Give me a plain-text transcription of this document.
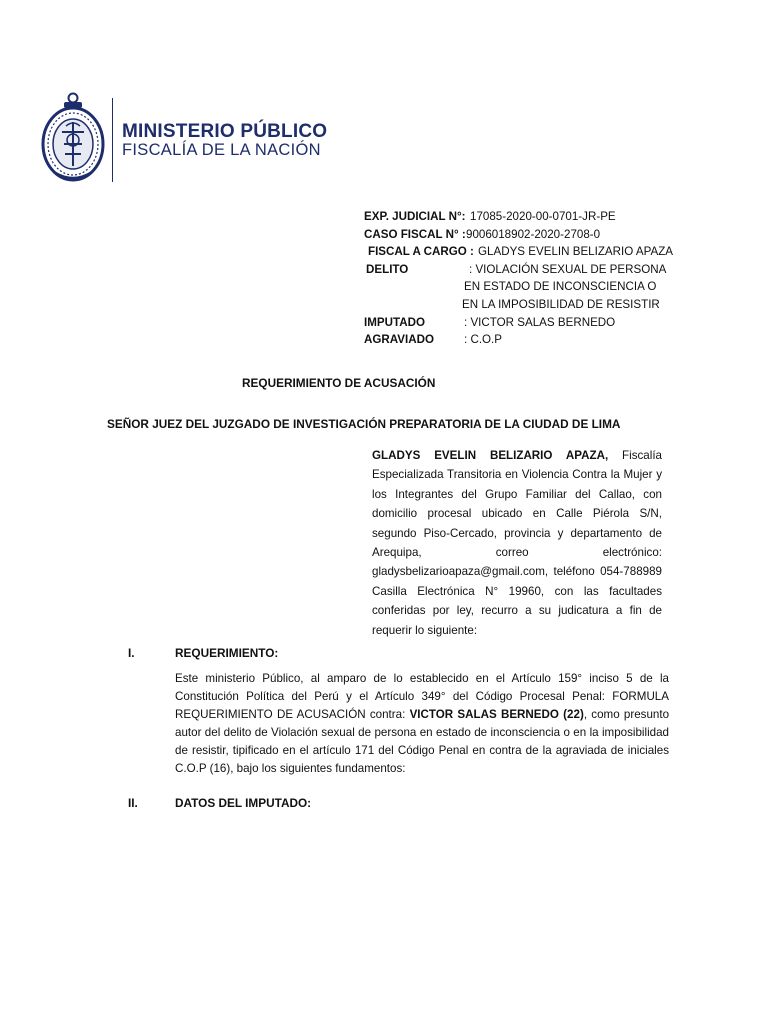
MINISTERIO PÚBLICO
FISCALÍA DE LA NACIÓN
EXP. JUDICIAL N°: 17085-2020-00-0701-JR-PE
CASO FISCAL N° : 9006018902-2020-2708-0
FISCAL A CARGO : GLADYS EVELIN BELIZARIO APAZA
DELITO	: VIOLACIÓN SEXUAL DE PERSONA
EN ESTADO DE INCONSCIENCIA O
EN LA IMPOSIBILIDAD DE RESISTIR
IMPUTADO	: VICTOR SALAS BERNEDO
AGRAVIADO	: C.O.P
REQUERIMIENTO DE ACUSACIÓN
SEÑOR JUEZ DEL JUZGADO DE INVESTIGACIÓN PREPARATORIA DE LA CIUDAD DE LIMA
GLADYS EVELIN BELIZARIO APAZA, Fiscalía Especializada Transitoria en Violencia Contra la Mujer y los Integrantes del Grupo Familiar del Callao, con domicilio procesal ubicado en Calle Piérola S/N, segundo Piso-Cercado, provincia y departamento de Arequipa, correo electrónico: gladysbelizarioapaza@gmail.com, teléfono 054-788989 Casilla Electrónica N° 19960, con las facultades conferidas por ley, recurro a su judicatura a fin de requerir lo siguiente:
I.	REQUERIMIENTO:
Este ministerio Público, al amparo de lo establecido en el Artículo 159° inciso 5 de la Constitución Política del Perú y el Artículo 349° del Código Procesal Penal: FORMULA REQUERIMIENTO DE ACUSACIÓN contra: VICTOR SALAS BERNEDO (22), como presunto autor del delito de Violación sexual de persona en estado de inconsciencia o en la imposibilidad de resistir, tipificado en el artículo 171 del Código Penal en contra de la agraviada de iniciales C.O.P (16), bajo los siguientes fundamentos:
II.	DATOS DEL IMPUTADO:
